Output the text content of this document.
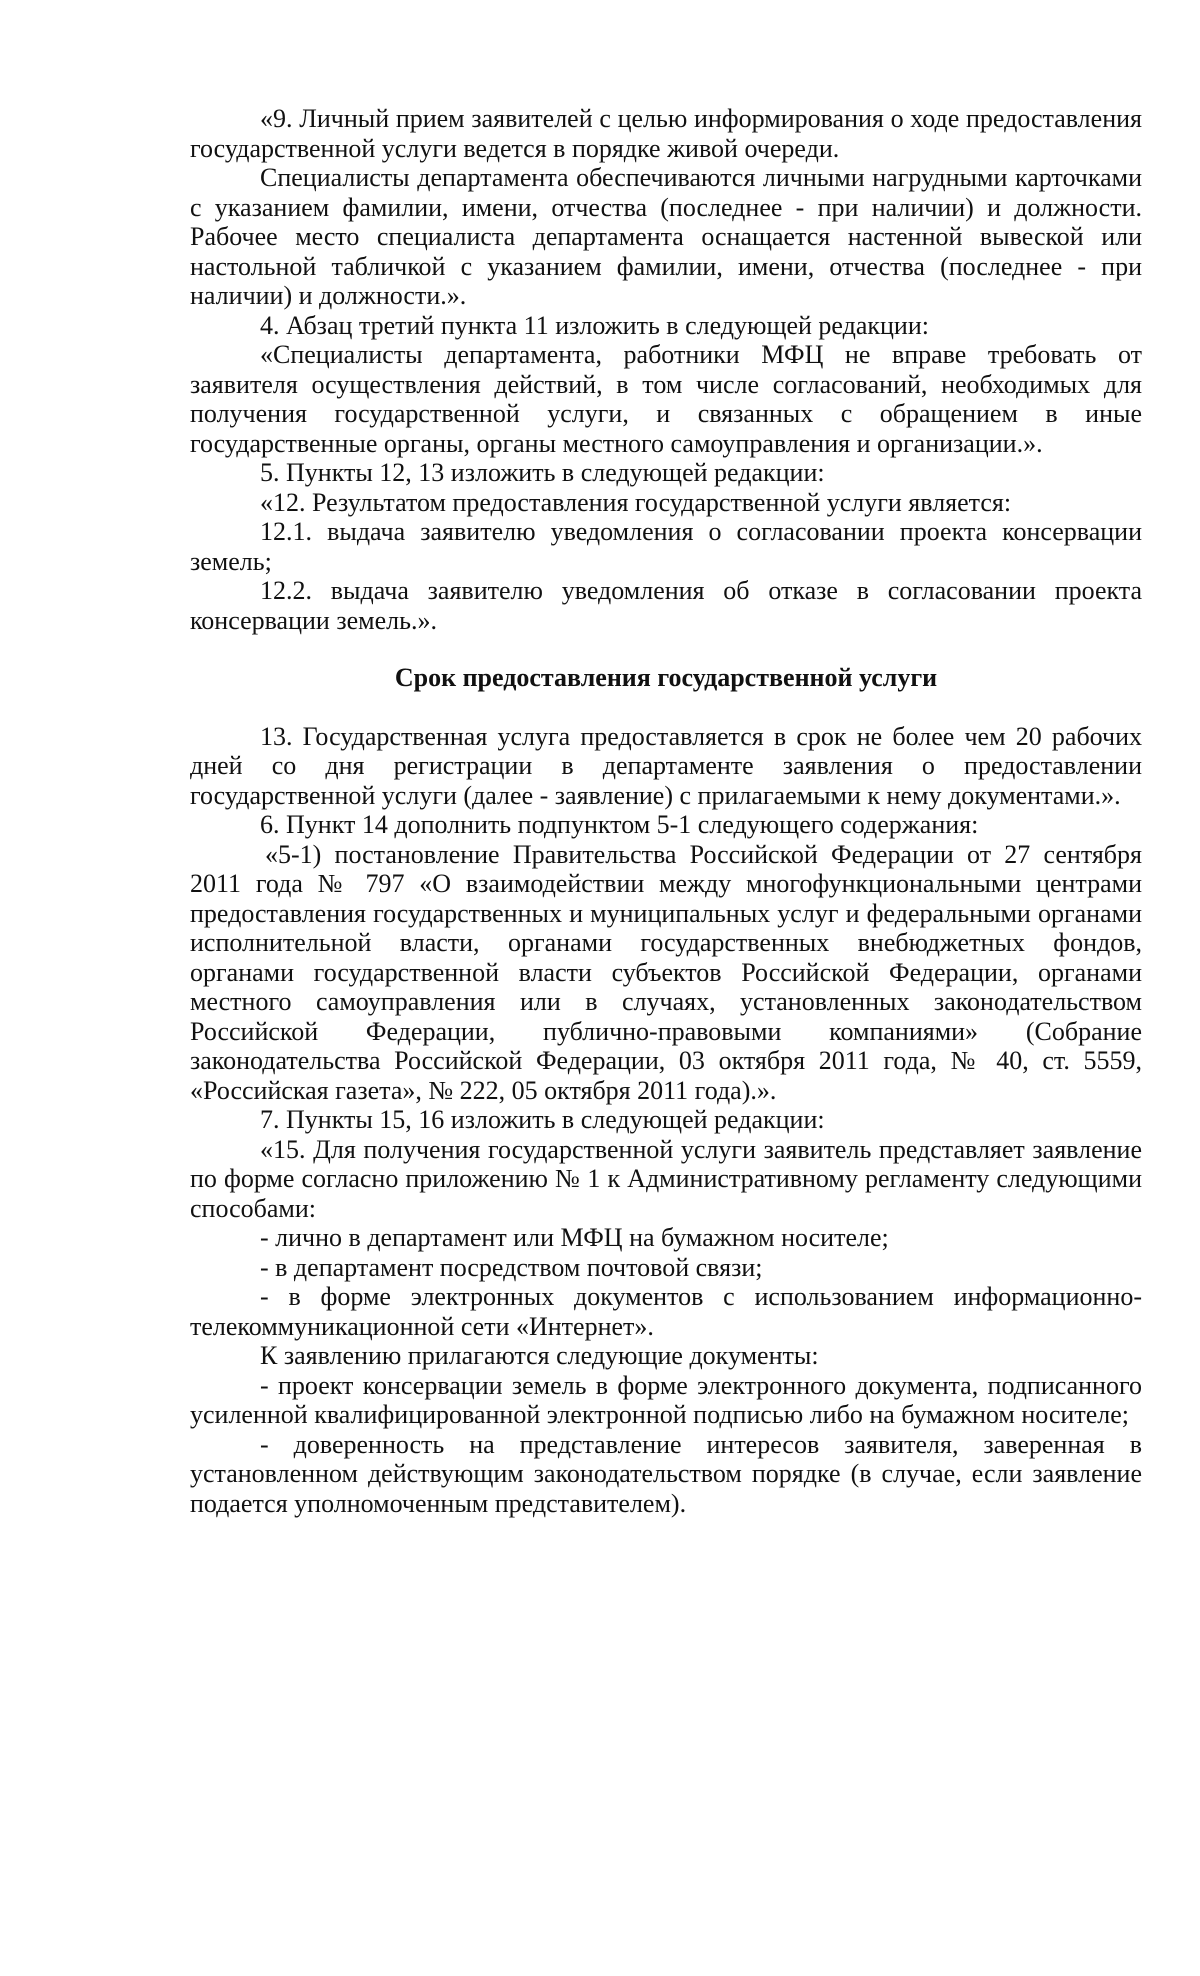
«9. Личный прием заявителей с целью информирования о ходе предоставления государственной услуги ведется в порядке живой очереди.

Специалисты департамента обеспечиваются личными нагрудными карточками с указанием фамилии, имени, отчества (последнее - при наличии) и должности. Рабочее место специалиста департамента оснащается настенной вывеской или настольной табличкой с указанием фамилии, имени, отчества (последнее - при наличии) и должности.».

4. Абзац третий пункта 11 изложить в следующей редакции:

«Специалисты департамента, работники МФЦ не вправе требовать от заявителя осуществления действий, в том числе согласований, необходимых для получения государственной услуги, и связанных с обращением в иные государственные органы, органы местного самоуправления и организации.».

5. Пункты 12, 13 изложить в следующей редакции:

«12. Результатом предоставления государственной услуги является:

12.1. выдача заявителю уведомления о согласовании проекта консервации земель;

12.2. выдача заявителю уведомления об отказе в согласовании проекта консервации земель.».

Срок предоставления государственной услуги

13. Государственная услуга предоставляется в срок не более чем 20 рабочих дней со дня регистрации в департаменте заявления о предоставлении государственной услуги (далее - заявление) с прилагаемыми к нему документами.».

6. Пункт 14 дополнить подпунктом 5-1 следующего содержания:

«5-1) постановление Правительства Российской Федерации от 27 сентября 2011 года № 797 «О взаимодействии между многофункциональными центрами предоставления государственных и муниципальных услуг и федеральными органами исполнительной власти, органами государственных внебюджетных фондов, органами государственной власти субъектов Российской Федерации, органами местного самоуправления или в случаях, установленных законодательством Российской Федерации, публично-правовыми компаниями» (Собрание законодательства Российской Федерации, 03 октября 2011 года, № 40, ст. 5559, «Российская газета», № 222, 05 октября 2011 года).».

7. Пункты 15, 16 изложить в следующей редакции:

«15. Для получения государственной услуги заявитель представляет заявление по форме согласно приложению № 1 к Административному регламенту следующими способами:

- лично в департамент или МФЦ на бумажном носителе;

- в департамент посредством почтовой связи;

- в форме электронных документов с использованием информационно-телекоммуникационной сети «Интернет».

К заявлению прилагаются следующие документы:

- проект консервации земель в форме электронного документа, подписанного усиленной квалифицированной электронной подписью либо на бумажном носителе;

- доверенность на представление интересов заявителя, заверенная в установленном действующим законодательством порядке (в случае, если заявление подается уполномоченным представителем).
